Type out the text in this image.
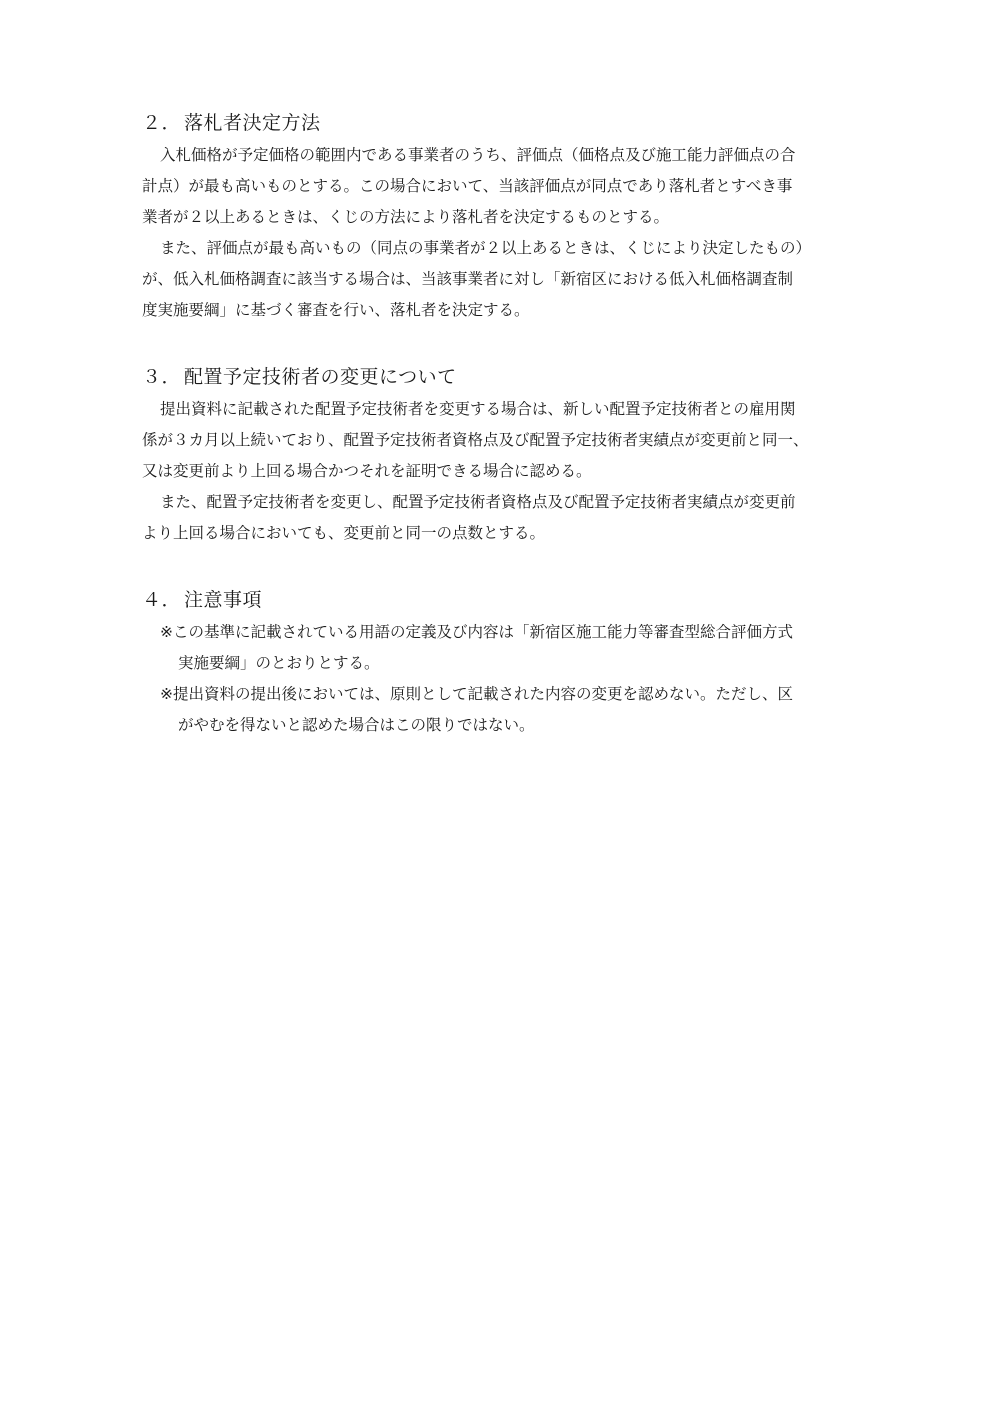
２． 落札者決定方法

入札価格が予定価格の範囲内である事業者のうち、評価点（価格点及び施工能力評価点の合

計点）が最も高いものとする。この場合において、当該評価点が同点であり落札者とすべき事

業者が２以上あるときは、くじの方法により落札者を決定するものとする。

また、評価点が最も高いもの（同点の事業者が２以上あるときは、くじにより決定したもの）

が、低入札価格調査に該当する場合は、当該事業者に対し「新宿区における低入札価格調査制

度実施要綱」に基づく審査を行い、落札者を決定する。

３． 配置予定技術者の変更について

提出資料に記載された配置予定技術者を変更する場合は、新しい配置予定技術者との雇用関

係が３カ月以上続いており、配置予定技術者資格点及び配置予定技術者実績点が変更前と同一、

又は変更前より上回る場合かつそれを証明できる場合に認める。

また、配置予定技術者を変更し、配置予定技術者資格点及び配置予定技術者実績点が変更前

より上回る場合においても、変更前と同一の点数とする。

４． 注意事項

※この基準に記載されている用語の定義及び内容は「新宿区施工能力等審査型総合評価方式

実施要綱」のとおりとする。

※提出資料の提出後においては、原則として記載された内容の変更を認めない。ただし、区

がやむを得ないと認めた場合はこの限りではない。
